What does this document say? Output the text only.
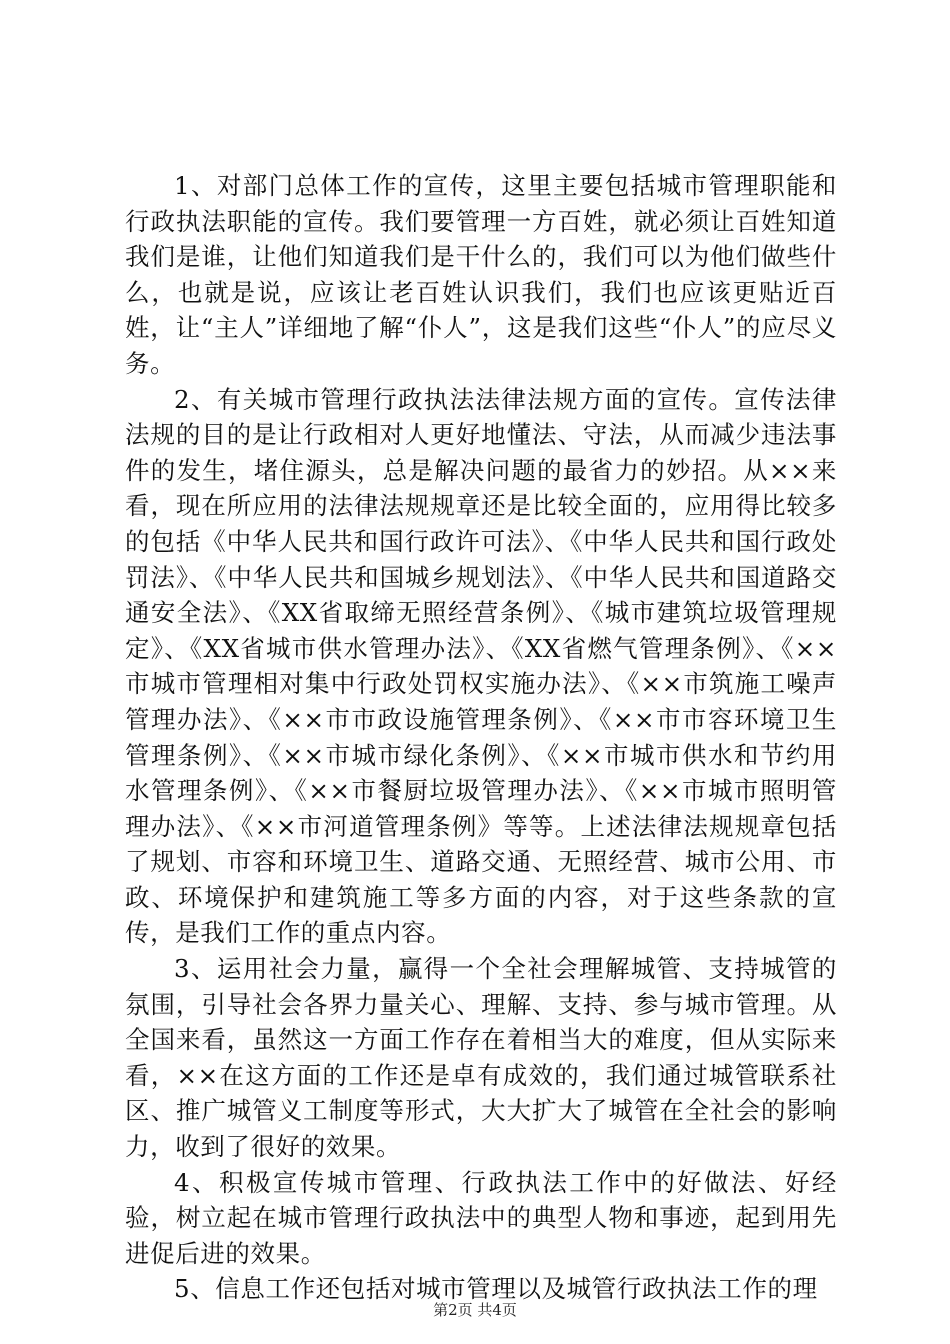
1、对部门总体工作的宣传，这里主要包括城市管理职能和行政执法职能的宣传。我们要管理一方百姓，就必须让百姓知道我们是谁，让他们知道我们是干什么的，我们可以为他们做些什么，也就是说，应该让老百姓认识我们，我们也应该更贴近百姓，让“主人”详细地了解“仆人”，这是我们这些“仆人”的应尽义务。

2、有关城市管理行政执法法律法规方面的宣传。宣传法律法规的目的是让行政相对人更好地懂法、守法，从而减少违法事件的发生，堵住源头，总是解决问题的最省力的妙招。从××来看，现在所应用的法律法规规章还是比较全面的，应用得比较多的包括《中华人民共和国行政许可法》、《中华人民共和国行政处罚法》、《中华人民共和国城乡规划法》、《中华人民共和国道路交通安全法》、《XX省取缔无照经营条例》、《城市建筑垃圾管理规定》、《XX省城市供水管理办法》、《XX省燃气管理条例》、《××市城市管理相对集中行政处罚权实施办法》、《××市筑施工噪声管理办法》、《××市市政设施管理条例》、《××市市容环境卫生管理条例》、《××市城市绿化条例》、《××市城市供水和节约用水管理条例》、《××市餐厨垃圾管理办法》、《××市城市照明管理办法》、《××市河道管理条例》等等。上述法律法规规章包括了规划、市容和环境卫生、道路交通、无照经营、城市公用、市政、环境保护和建筑施工等多方面的内容，对于这些条款的宣传，是我们工作的重点内容。

3、运用社会力量，赢得一个全社会理解城管、支持城管的氛围，引导社会各界力量关心、理解、支持、参与城市管理。从全国来看，虽然这一方面工作存在着相当大的难度，但从实际来看，××在这方面的工作还是卓有成效的，我们通过城管联系社区、推广城管义工制度等形式，大大扩大了城管在全社会的影响力，收到了很好的效果。

4、积极宣传城市管理、行政执法工作中的好做法、好经验，树立起在城市管理行政执法中的典型人物和事迹，起到用先进促后进的效果。

5、信息工作还包括对城市管理以及城管行政执法工作的理

第2页 共4页
